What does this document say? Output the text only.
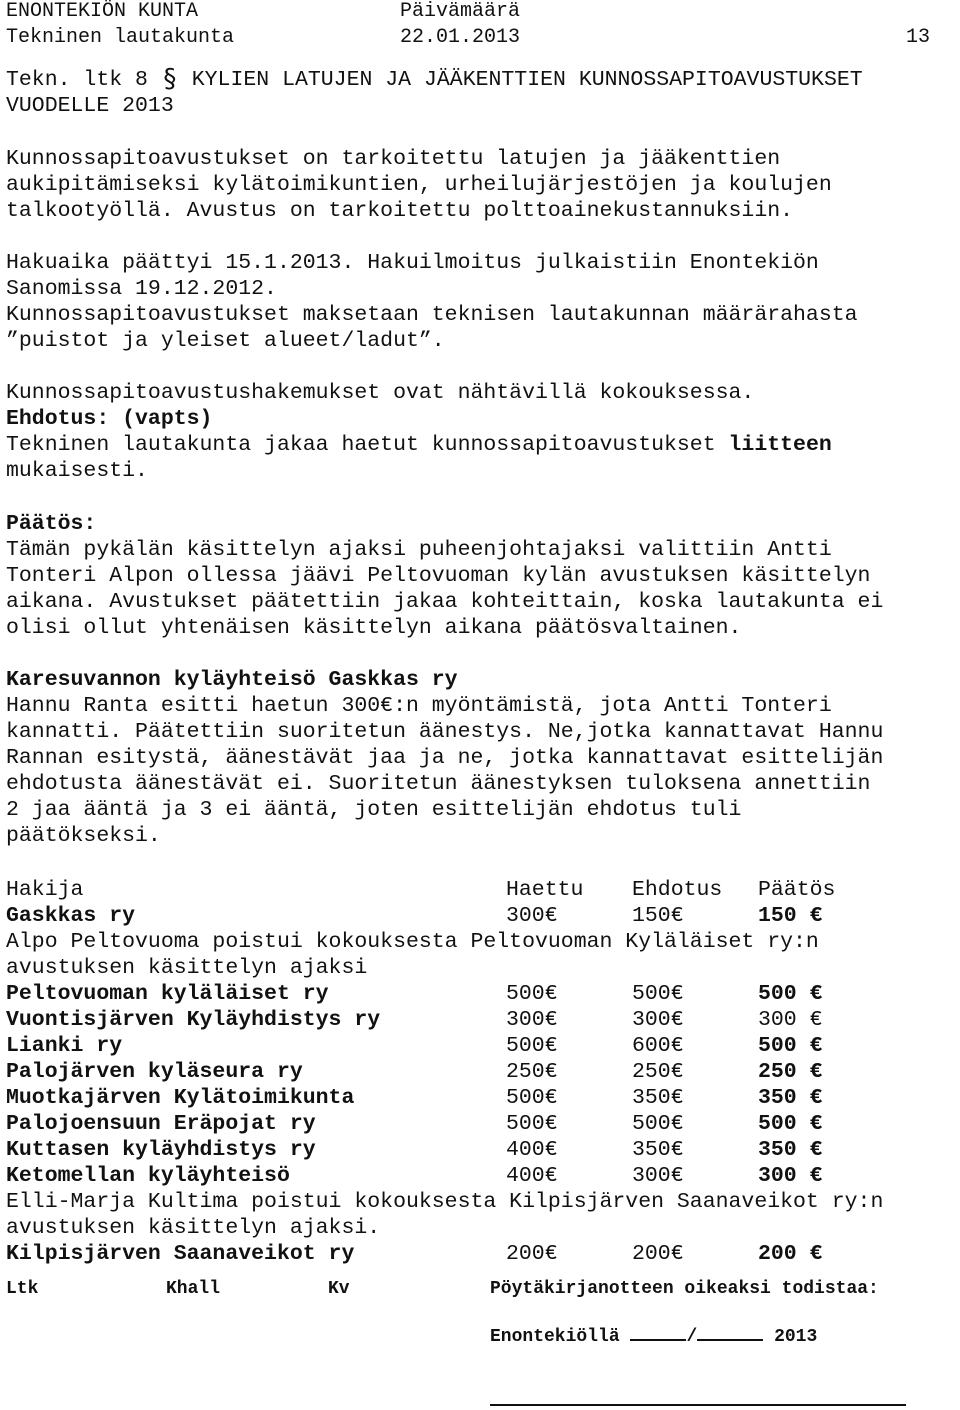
ENONTEKIÖN KUNTA	Päivämäärä
Tekninen lautakunta	22.01.2013	13
Tekn. ltk 8 § KYLIEN LATUJEN JA JÄÄKENTTIEN KUNNOSSAPITOAVUSTUKSET
VUODELLE 2013
Kunnossapitoavustukset on tarkoitettu latujen ja jääkenttien
aukipitämiseksi kylätoimikuntien, urheilujärjestöjen ja koulujen
talkootyöllä. Avustus on tarkoitettu polttoainekustannuksiin.
Hakuaika päättyi 15.1.2013. Hakuilmoitus julkaistiin Enontekiön
Sanomissa 19.12.2012.
Kunnossapitoavustukset maksetaan teknisen lautakunnan määrärahasta
”puistot ja yleiset alueet/ladut”.
Kunnossapitoavustushakemukset ovat nähtävillä kokouksessa.
Ehdotus: (vapts)
Tekninen lautakunta jakaa haetut kunnossapitoavustukset liitteen
mukaisesti.
Päätös:
Tämän pykälän käsittelyn ajaksi puheenjohtajaksi valittiin Antti
Tonteri Alpon ollessa jäävi Peltovuoman kylän avustuksen käsittelyn
aikana. Avustukset päätettiin jakaa kohteittain, koska lautakunta ei
olisi ollut yhtenäisen käsittelyn aikana päätösvaltainen.
Karesuvannon kyläyhteisö Gaskkas ry
Hannu Ranta esitti haetun 300€:n myöntämistä, jota Antti Tonteri
kannatti. Päätettiin suoritetun äänestys. Ne,jotka kannattavat Hannu
Rannan esitystä, äänestävät jaa ja ne, jotka kannattavat esittelijän
ehdotusta äänestävät ei. Suoritetun äänestyksen tuloksena annettiin
2 jaa ääntä ja 3 ei ääntä, joten esittelijän ehdotus tuli
päätökseksi.
Hakija	Haettu Ehdotus Päätös
Gaskkas ry	300€	150€	150 €
Alpo Peltovuoma poistui kokouksesta Peltovuoman Kyläläiset ry:n
avustuksen käsittelyn ajaksi
Peltovuoman kyläläiset ry	500€	500€	500 €
Vuontisjärven Kyläyhdistys ry	300€	300€	300 €
Lianki ry	500€	600€	500 €
Palojärven kyläseura ry	250€	250€	250 €
Muotkajärven Kylätoimikunta	500€	350€	350 €
Palojoensuun Eräpojat ry	500€	500€	500 €
Kuttasen kyläyhdistys ry	400€	350€	350 €
Ketomellan kyläyhteisö	400€	300€	300 €
Elli-Marja Kultima poistui kokouksesta Kilpisjärven Saanaveikot ry:n
avustuksen käsittelyn ajaksi.
Kilpisjärven Saanaveikot ry	200€	200€	200 €
Ltk	Khall	Kv	Pöytäkirjanotteen oikeaksi todistaa:
Enontekiöllä	/	2013
